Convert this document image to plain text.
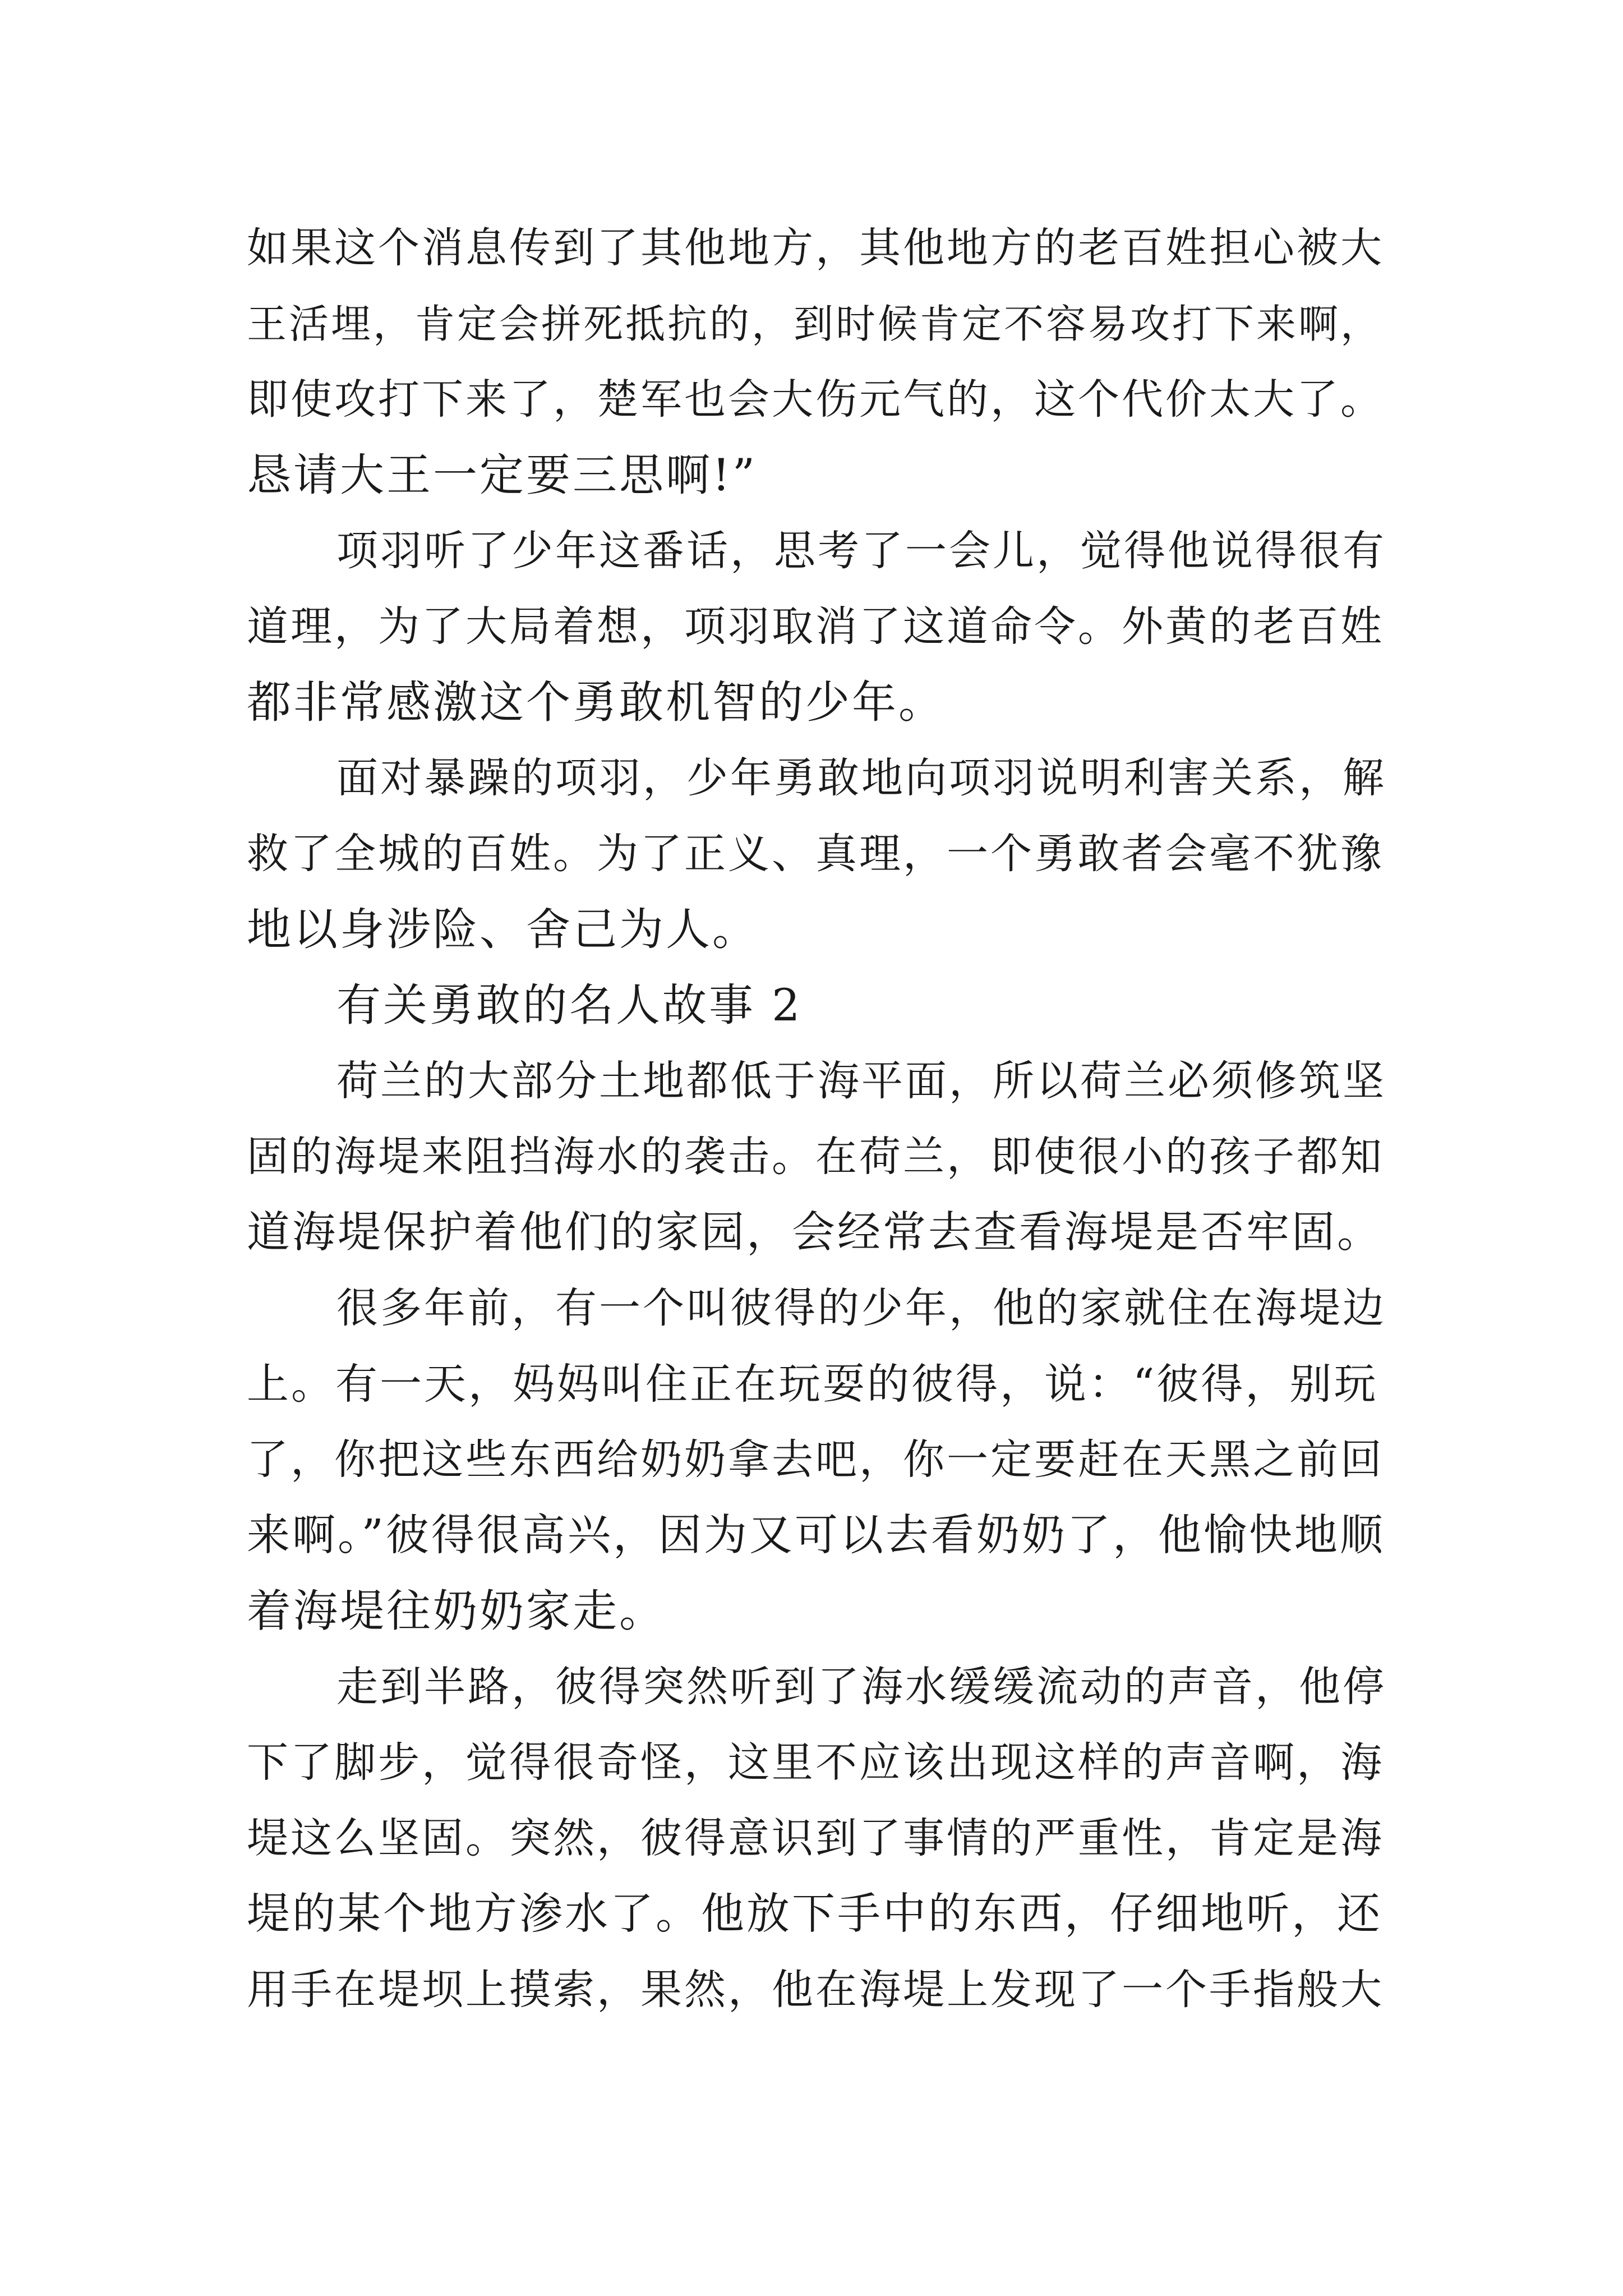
如果这个消息传到了其他地方，其他地方的老百姓担心被大
王活埋，肯定会拼死抵抗的，到时候肯定不容易攻打下来啊，
即使攻打下来了，楚军也会大伤元气的，这个代价太大了。
恳请大王一定要三思啊!”
项羽听了少年这番话，思考了一会儿，觉得他说得很有
道理，为了大局着想，项羽取消了这道命令。外黄的老百姓
都非常感激这个勇敢机智的少年。
面对暴躁的项羽，少年勇敢地向项羽说明利害关系，解
救了全城的百姓。为了正义、真理，一个勇敢者会毫不犹豫
地以身涉险、舍己为人。
有关勇敢的名人故事 2
荷兰的大部分土地都低于海平面，所以荷兰必须修筑坚
固的海堤来阻挡海水的袭击。在荷兰，即使很小的孩子都知
道海堤保护着他们的家园，会经常去查看海堤是否牢固。
很多年前，有一个叫彼得的少年，他的家就住在海堤边
上。有一天，妈妈叫住正在玩耍的彼得，说：“彼得，别玩
了，你把这些东西给奶奶拿去吧，你一定要赶在天黑之前回
来啊。”彼得很高兴，因为又可以去看奶奶了，他愉快地顺
着海堤往奶奶家走。
走到半路，彼得突然听到了海水缓缓流动的声音，他停
下了脚步，觉得很奇怪，这里不应该出现这样的声音啊，海
堤这么坚固。突然，彼得意识到了事情的严重性，肯定是海
堤的某个地方渗水了。他放下手中的东西，仔细地听，还
用手在堤坝上摸索，果然，他在海堤上发现了一个手指般大
